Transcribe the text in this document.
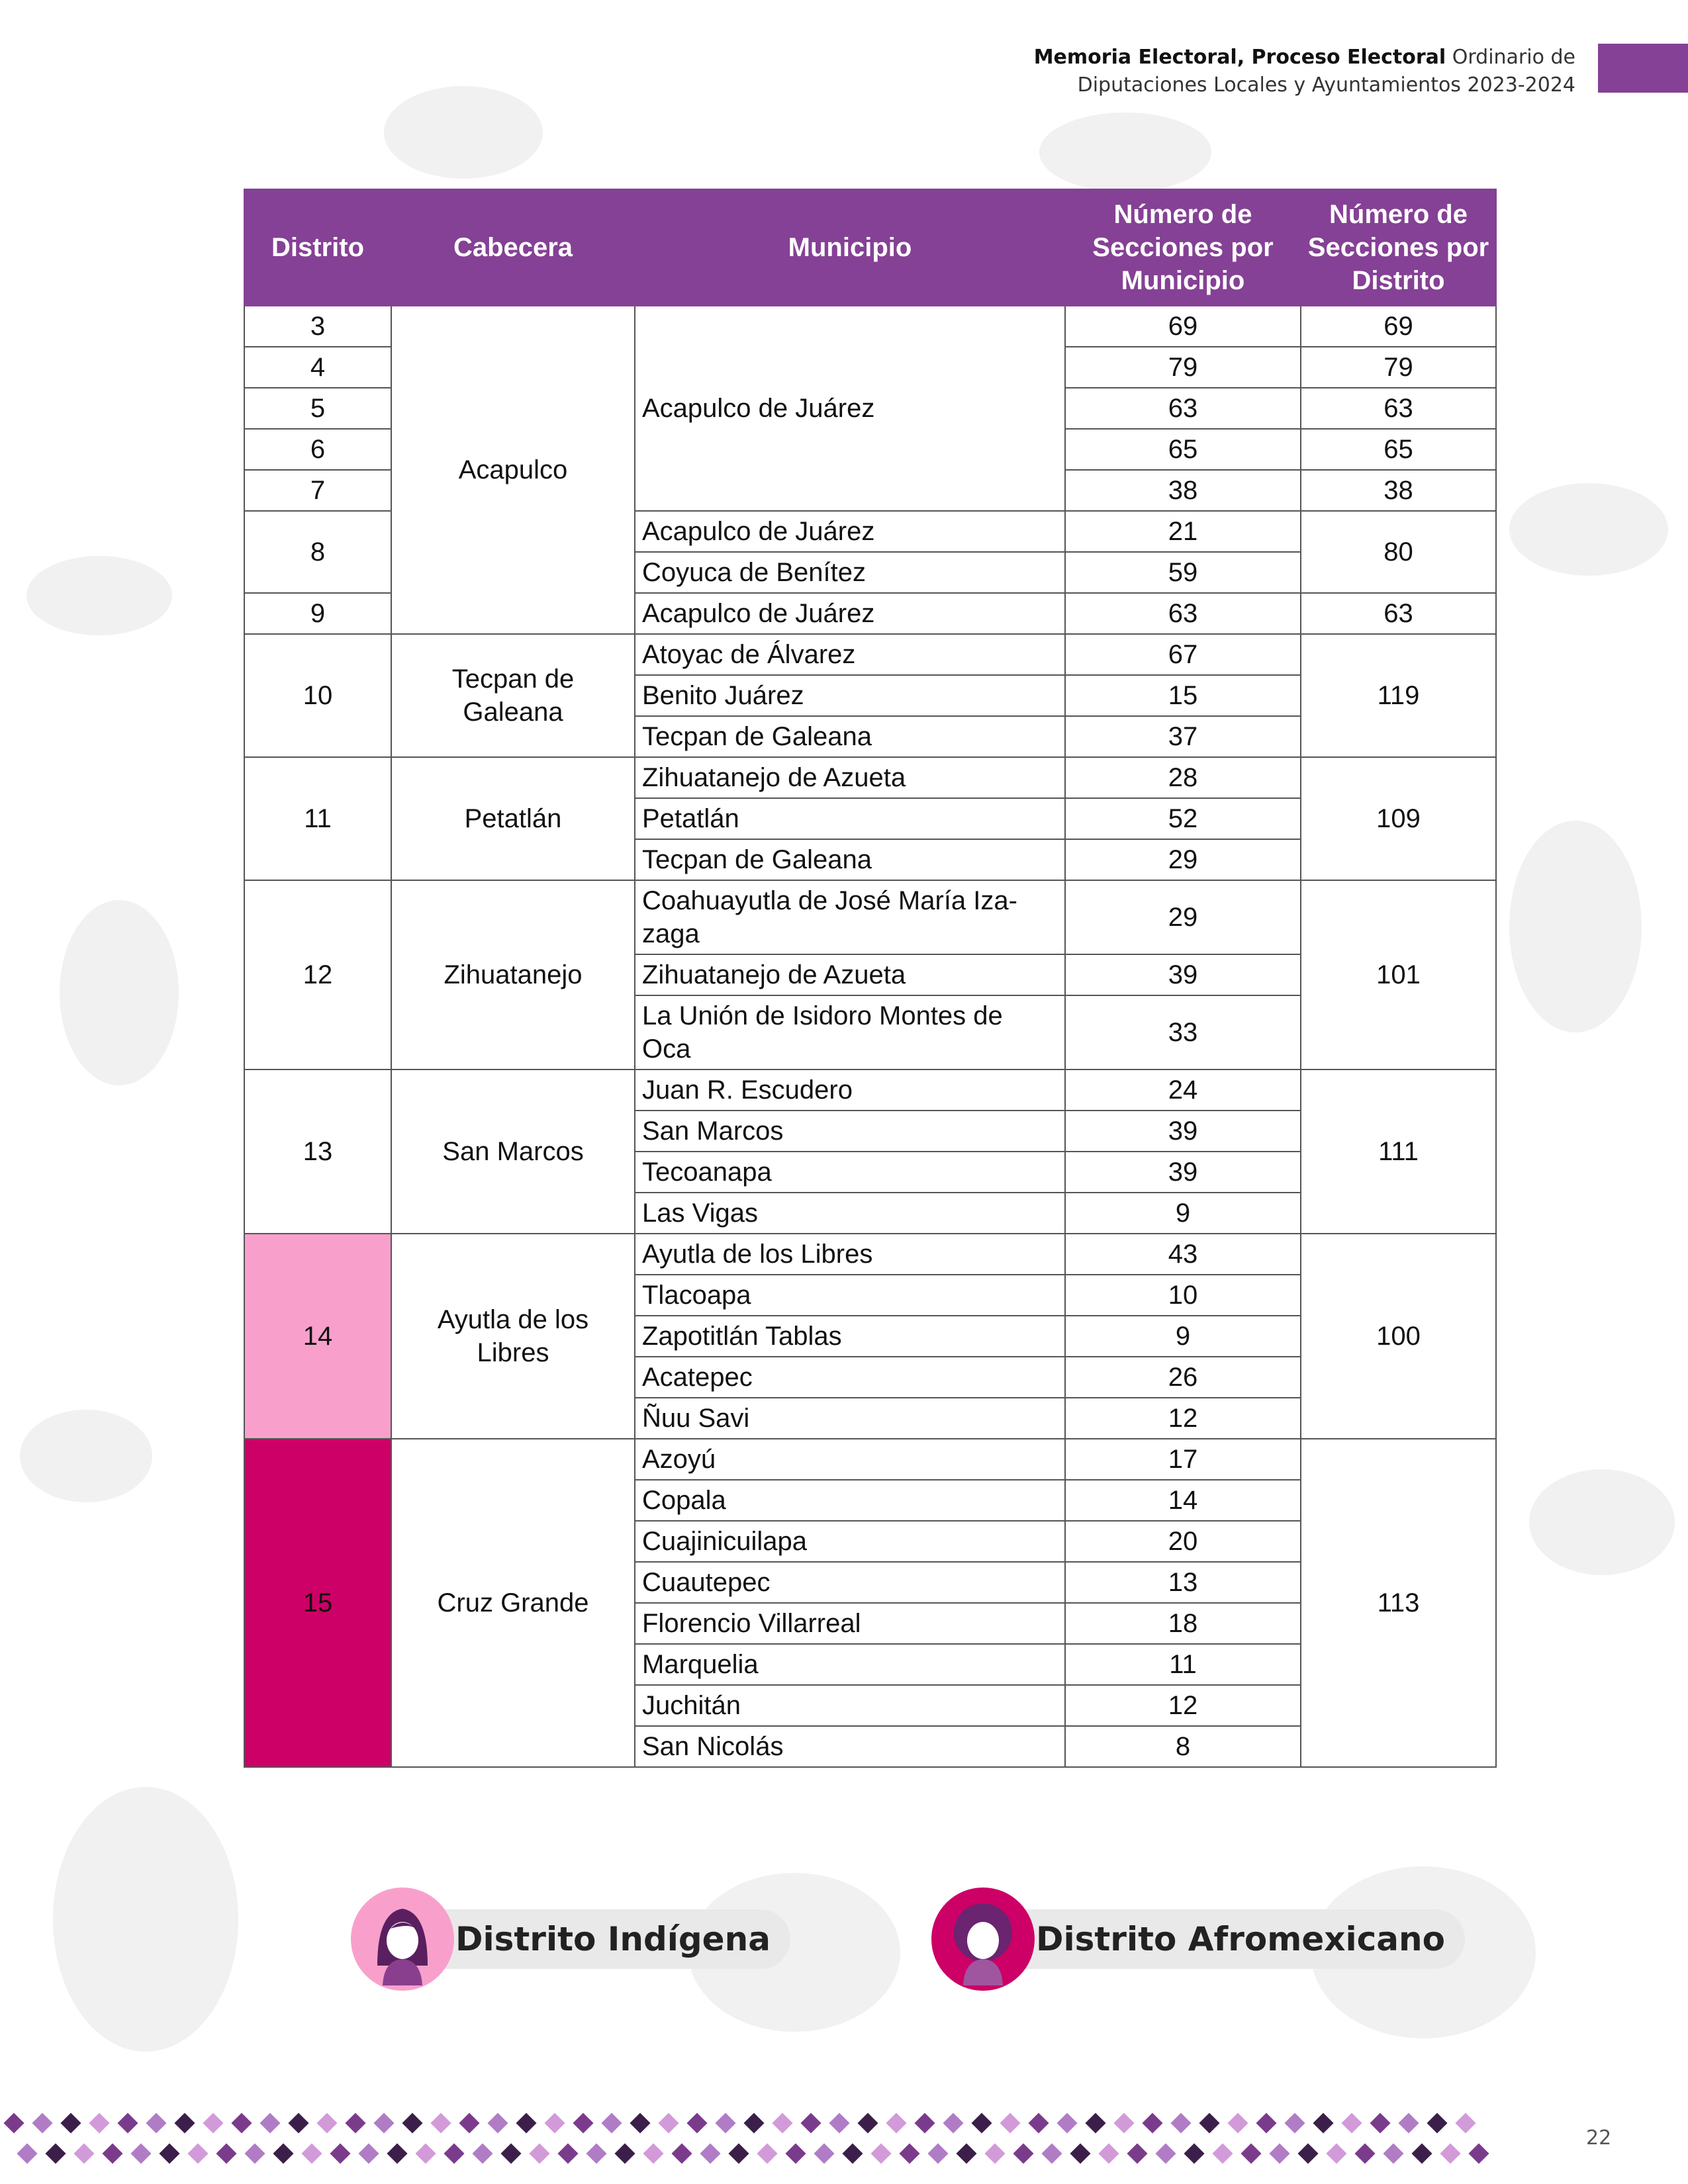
Memoria Electoral, Proceso Electoral Ordinario de
Diputaciones Locales y Ayuntamientos 2023-2024
Distrito	Cabecera	Municipio	Número de Secciones por Municipio	Número de Secciones por Distrito
3	Acapulco	Acapulco de Juárez	69	69
4			79	79
5			63	63
6			65	65
7			38	38
8		Acapulco de Juárez	21	80
		Coyuca de Benítez	59	
9		Acapulco de Juárez	63	63
10	Tecpan de Galeana	Atoyac de Álvarez	67	119
		Benito Juárez	15	
		Tecpan de Galeana	37	
11	Petatlán	Zihuatanejo de Azueta	28	109
		Petatlán	52	
		Tecpan de Galeana	29	
12	Zihuatanejo	Coahuayutla de José María Iza-zaga	29	101
		Zihuatanejo de Azueta	39	
		La Unión de Isidoro Montes de Oca	33	
13	San Marcos	Juan R. Escudero	24	111
		San Marcos	39	
		Tecoanapa	39	
		Las Vigas	9	
14	Ayutla de los Libres	Ayutla de los Libres	43	100
		Tlacoapa	10	
		Zapotitlán Tablas	9	
		Acatepec	26	
		Ñuu Savi	12	
15	Cruz Grande	Azoyú	17	113
		Copala	14	
		Cuajinicuilapa	20	
		Cuautepec	13	
		Florencio Villarreal	18	
		Marquelia	11	
		Juchitán	12	
		San Nicolás	8	
Distrito Indígena	Distrito Afromexicano
22
